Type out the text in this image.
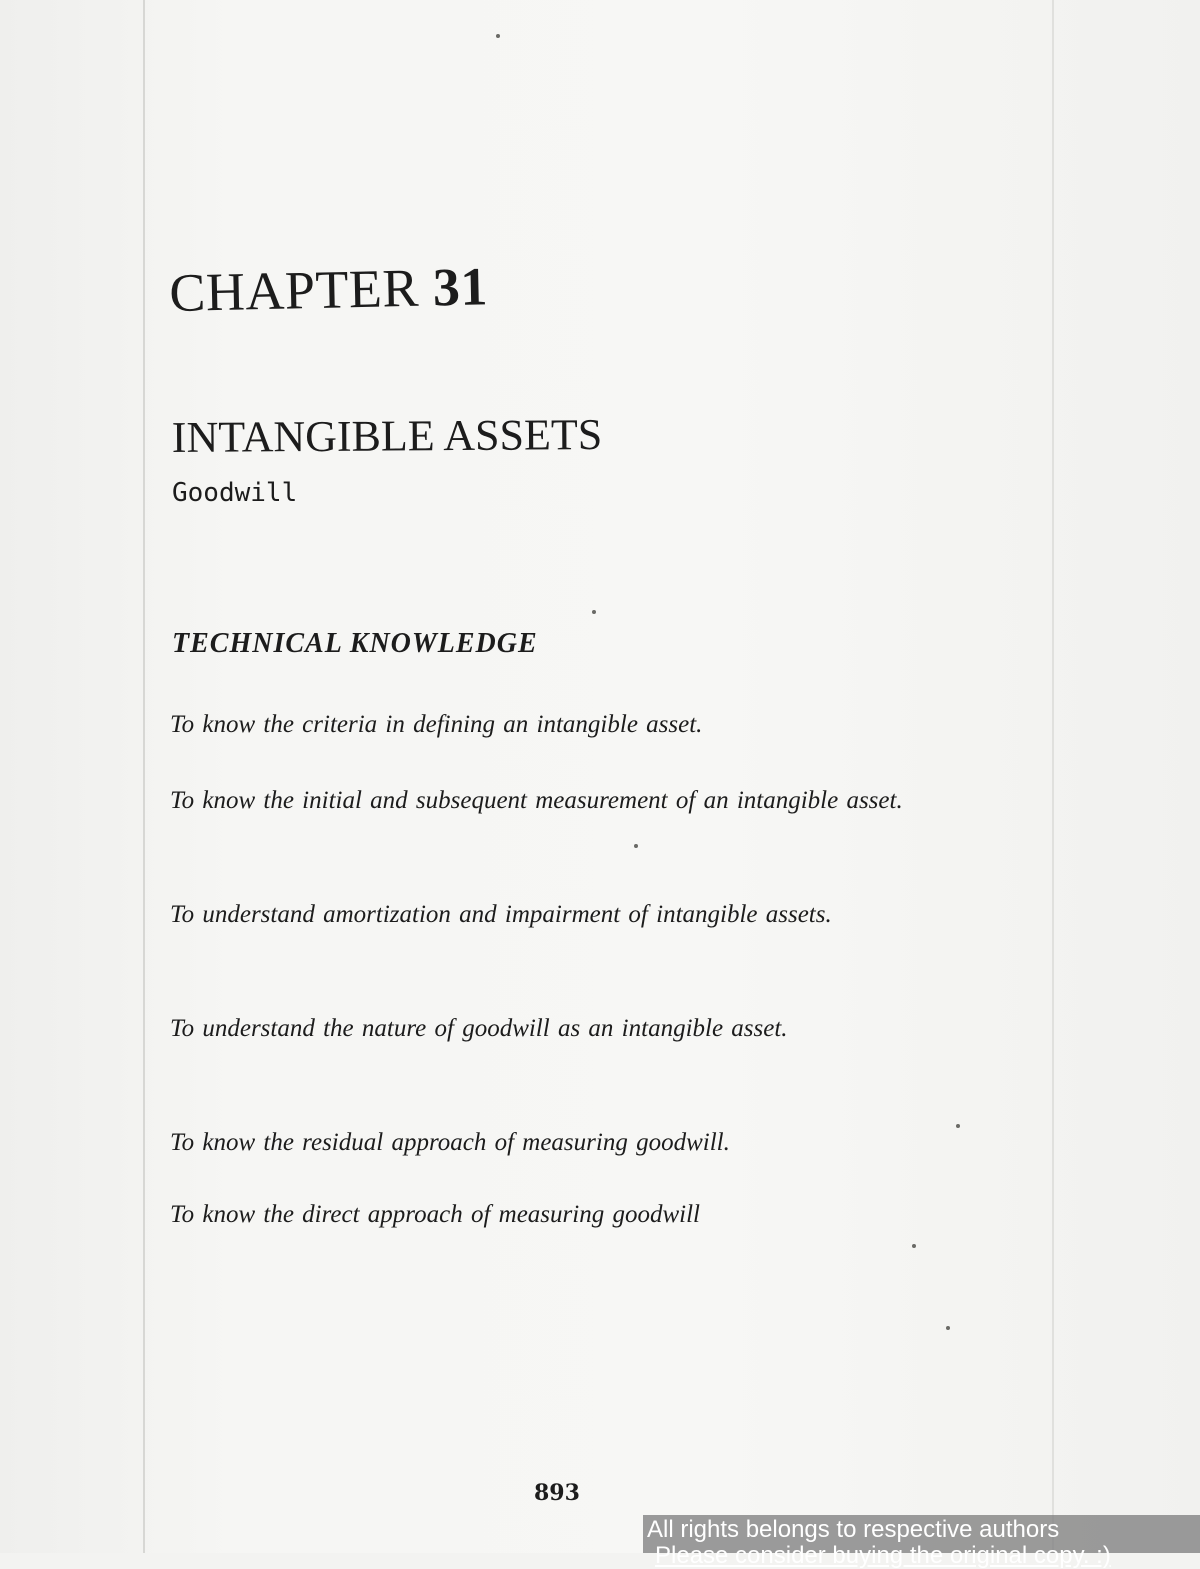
CHAPTER 31
INTANGIBLE ASSETS
Goodwill
TECHNICAL KNOWLEDGE
To know the criteria in defining an intangible asset.
To know the initial and subsequent measurement of an intangible asset.
To understand amortization and impairment of intangible assets.
To understand the nature of goodwill as an intangible asset.
To know the residual approach of measuring goodwill.
To know the direct approach of measuring goodwill
893
All rights belongs to respective authors
Please consider buying the original copy. :)
